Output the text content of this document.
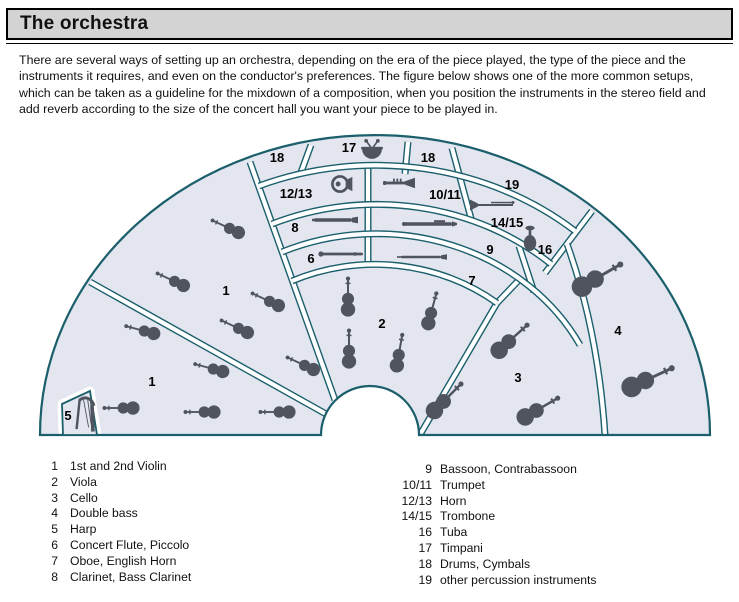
The orchestra
There are several ways of setting up an orchestra, depending on the era of the piece played, the type of the piece and the instruments it requires, and even on the conductor's preferences. The figure below shows one of the more common setups, which can be taken as a guideline for the mixdown of a composition, when you position the instruments in the stereo field and add reverb according to the size of the concert hall you want your piece to be played in.
1
1
2
3
4
5
6
7
8
9
10/11
12/13
14/15
16
17
18	18
19
1 1st and 2nd Violin
2 Viola
3 Cello
4 Double bass
5 Harp
6 Concert Flute, Piccolo
7 Oboe, English Horn
8 Clarinet, Bass Clarinet
9 Bassoon, Contrabassoon
10/11 Trumpet
12/13 Horn
14/15 Trombone
16 Tuba
17 Timpani
18 Drums, Cymbals
19 other percussion instruments
